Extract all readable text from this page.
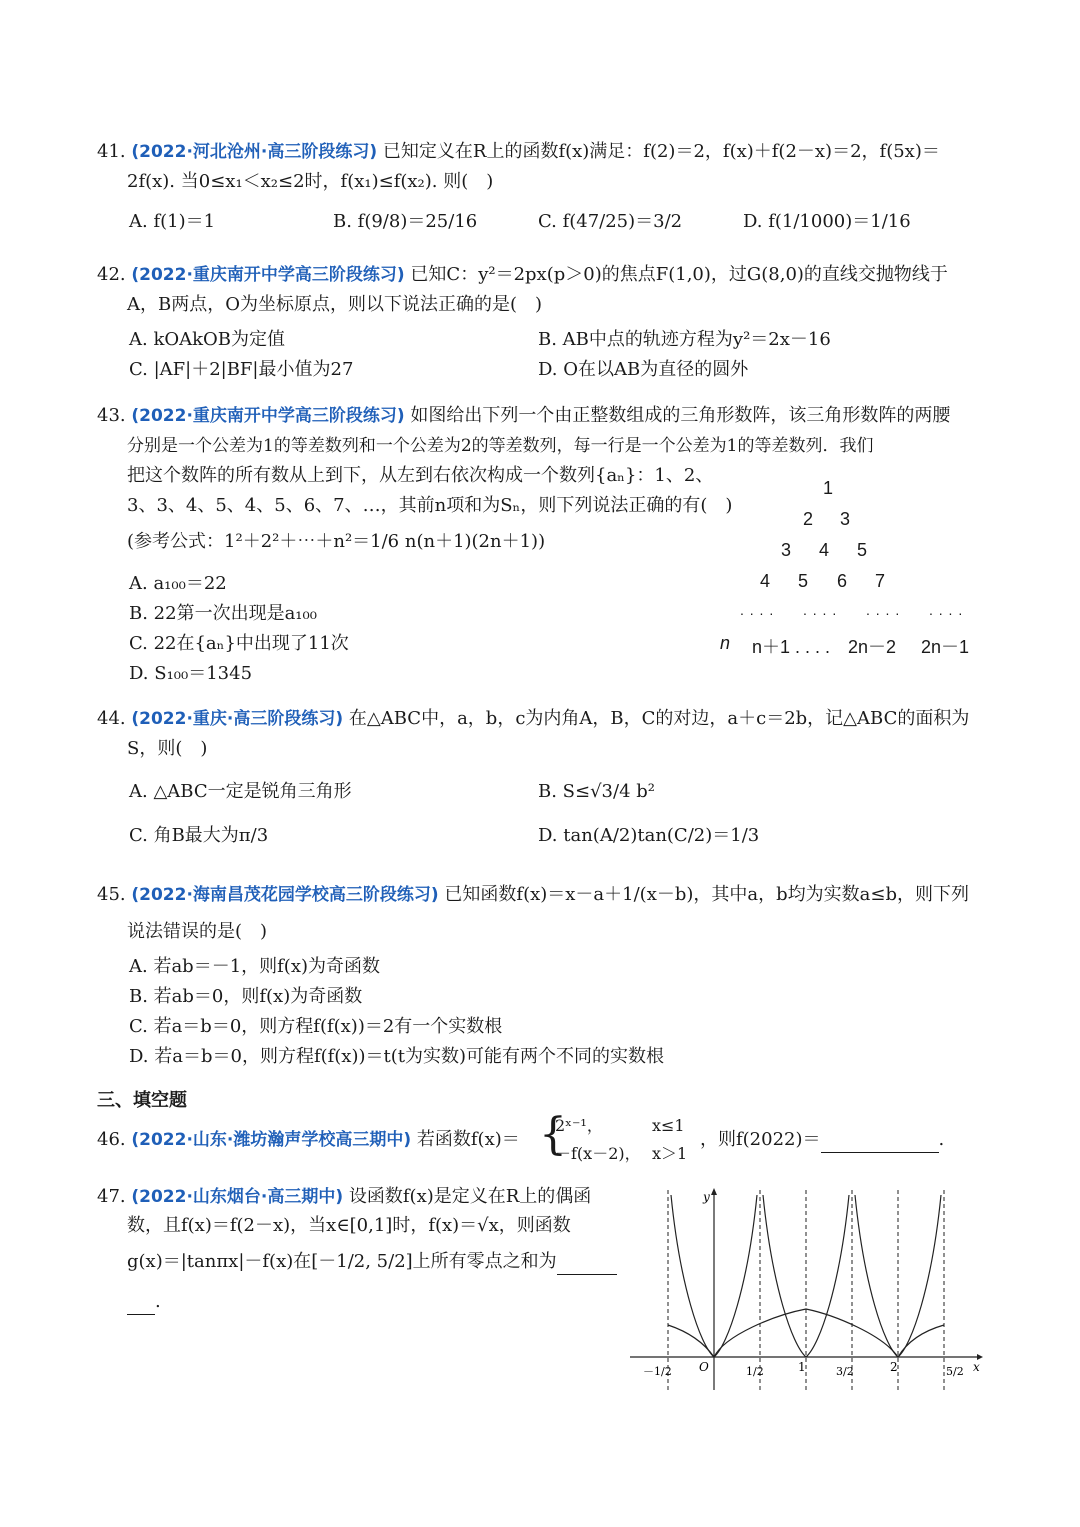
41. (2022·河北沧州·高三阶段练习) 已知定义在R上的函数f(x)满足：f(2)＝2，f(x)＋f(2－x)＝2，f(5x)＝
2f(x). 当0≤x₁＜x₂≤2时，f(x₁)≤f(x₂). 则(　)
A. f(1)＝1	B. f(9/8)＝25/16	C. f(47/25)＝3/2	D. f(1/1000)＝1/16
42. (2022·重庆南开中学高三阶段练习) 已知C：y²＝2px(p＞0)的焦点F(1,0)，过G(8,0)的直线交抛物线于
A，B两点，O为坐标原点，则以下说法正确的是(　)
A. kOAkOB为定值	B. AB中点的轨迹方程为y²＝2x－16
C. |AF|＋2|BF|最小值为27	D. O在以AB为直径的圆外
43. (2022·重庆南开中学高三阶段练习) 如图给出下列一个由正整数组成的三角形数阵，该三角形数阵的两腰
分别是一个公差为1的等差数列和一个公差为2的等差数列，每一行是一个公差为1的等差数列．我们
把这个数阵的所有数从上到下，从左到右依次构成一个数列{aₙ}：1、2、
3、3、4、5、4、5、6、7、…，其前n项和为Sₙ，则下列说法正确的有(　)
(参考公式：1²＋2²＋⋯＋n²＝1/6 n(n＋1)(2n＋1))
A. a₁₀₀＝22
B. 22第一次出现是a₁₀₀
C. 22在{aₙ}中出现了11次
D. S₁₀₀＝1345
1
2 3
3 4 5
4 5 6 7
. . . . . . . . . . . . . . . .
n n＋1 . . . . 2n－2 2n－1
44. (2022·重庆·高三阶段练习) 在△ABC中，a，b，c为内角A，B，C的对边，a＋c＝2b，记△ABC的面积为
S，则(　)
A. △ABC一定是锐角三角形	B. S≤√3/4 b²
C. 角B最大为π/3	D. tan(A/2)tan(C/2)＝1/3
45. (2022·海南昌茂花园学校高三阶段练习) 已知函数f(x)＝x－a＋1/(x－b)，其中a，b均为实数a≤b，则下列
说法错误的是(　)
A. 若ab＝－1，则f(x)为奇函数
B. 若ab＝0，则f(x)为奇函数
C. 若a＝b＝0，则方程f(f(x))＝2有一个实数根
D. 若a＝b＝0，则方程f(f(x))＝t(t为实数)可能有两个不同的实数根
三、填空题
46. (2022·山东·潍坊瀚声学校高三期中) 若函数f(x)＝ {
2ˣ⁻¹，	x≤1
－f(x－2)， x＞1
，则f(2022)＝	.
47. (2022·山东烟台·高三期中) 设函数f(x)是定义在R上的偶函
数，且f(x)＝f(2－x)，当x∈[0,1]时，f(x)＝√x，则函数
g(x)＝|tanπx|－f(x)在[－1/2, 5/2]上所有零点之和为
.
y
x
O
－1/2	1/2	1	3/2	2	5/2
